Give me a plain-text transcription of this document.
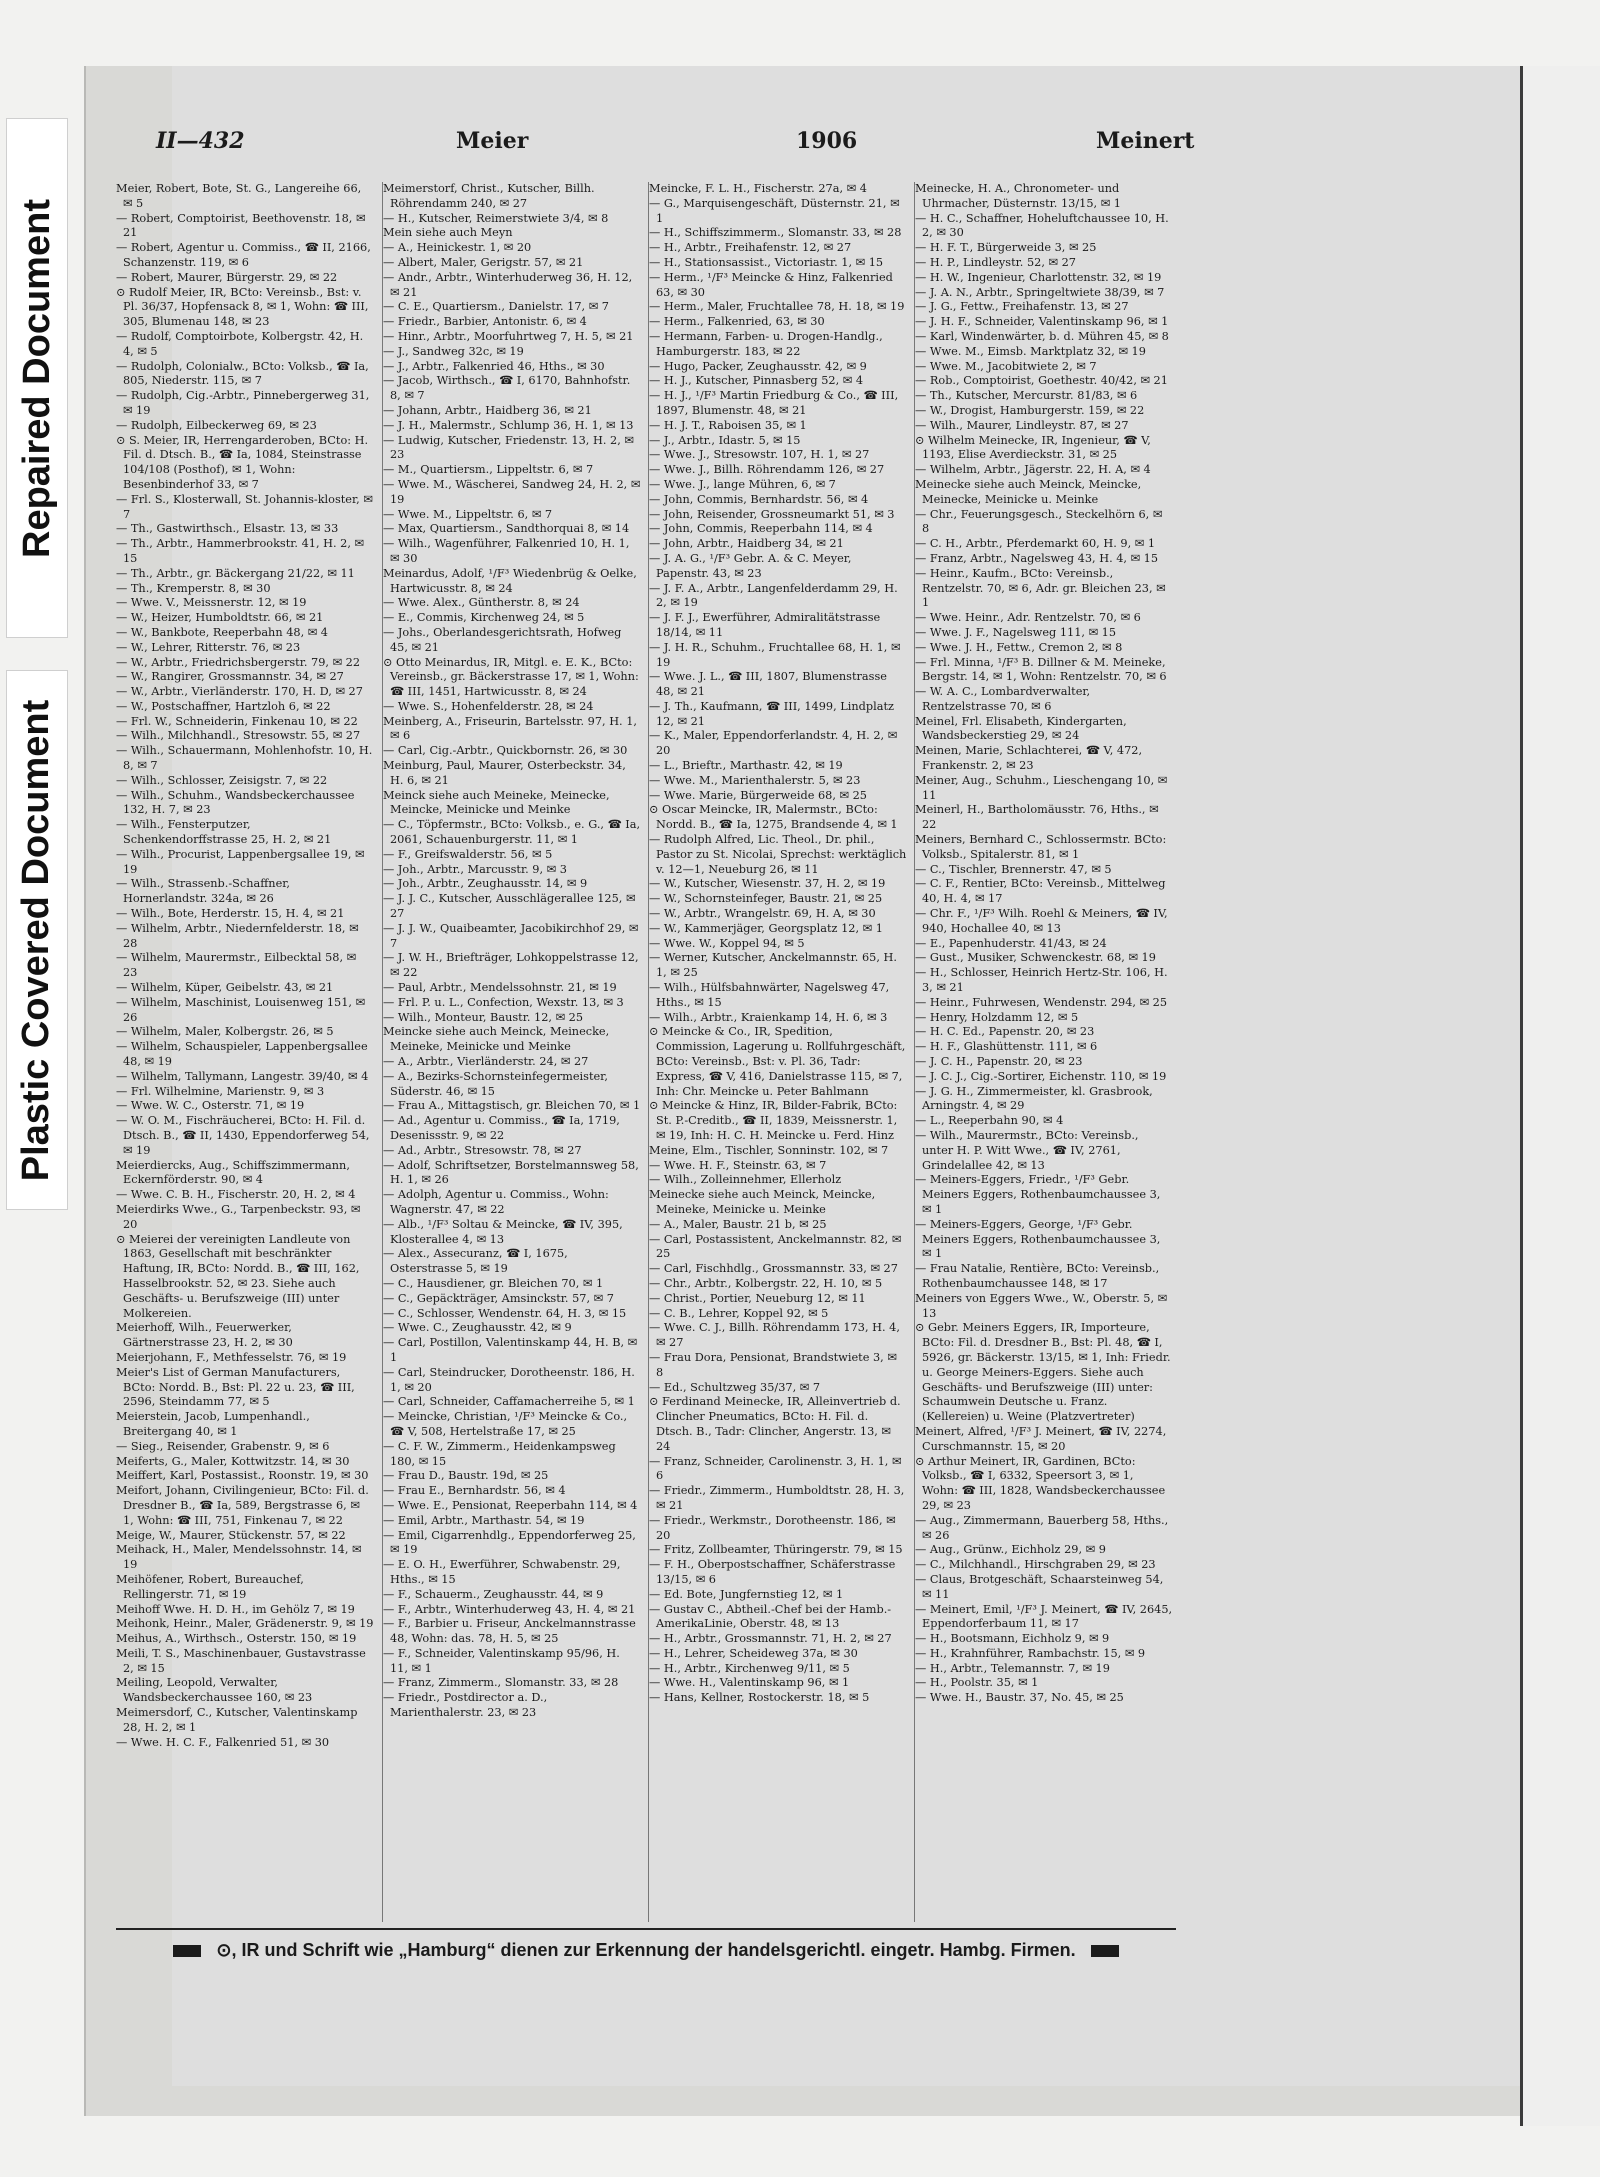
Repaired Document
Plastic Covered Document
II—432	Meier	1906	Meinert

Meier, Robert, Bote, St. G., Langereihe 66, ✉ 5

— Robert, Comptoirist, Beethovenstr. 18, ✉ 21

— Robert, Agentur u. Commiss., ☎ II, 2166, Schanzenstr. 119, ✉ 6

— Robert, Maurer, Bürgerstr. 29, ✉ 22

⊙ Rudolf Meier, IR, BCto: Vereinsb., Bst: v. Pl. 36/37, Hopfensack 8, ✉ 1, Wohn: ☎ III, 305, Blumenau 148, ✉ 23

— Rudolf, Comptoirbote, Kolbergstr. 42, H. 4, ✉ 5

— Rudolph, Colonialw., BCto: Volksb., ☎ Ia, 805, Niederstr. 115, ✉ 7

— Rudolph, Cig.-Arbtr., Pinnebergerweg 31, ✉ 19

— Rudolph, Eilbeckerweg 69, ✉ 23

⊙ S. Meier, IR, Herrengarderoben, BCto: H. Fil. d. Dtsch. B., ☎ Ia, 1084, Steinstrasse 104/108 (Posthof), ✉ 1, Wohn: Besenbinderhof 33, ✉ 7

— Frl. S., Klosterwall, St. Johannis-kloster, ✉ 7

— Th., Gastwirthsch., Elsastr. 13, ✉ 33

— Th., Arbtr., Hammerbrookstr. 41, H. 2, ✉ 15

— Th., Arbtr., gr. Bäckergang 21/22, ✉ 11

— Th., Kremperstr. 8, ✉ 30

— Wwe. V., Meissnerstr. 12, ✉ 19

— W., Heizer, Humboldtstr. 66, ✉ 21

— W., Bankbote, Reeperbahn 48, ✉ 4

— W., Lehrer, Ritterstr. 76, ✉ 23

— W., Arbtr., Friedrichsbergerstr. 79, ✉ 22

— W., Rangirer, Grossmannstr. 34, ✉ 27

— W., Arbtr., Vierländerstr. 170, H. D, ✉ 27

— W., Postschaffner, Hartzloh 6, ✉ 22

— Frl. W., Schneiderin, Finkenau 10, ✉ 22

— Wilh., Milchhandl., Stresowstr. 55, ✉ 27

— Wilh., Schauermann, Mohlenhofstr. 10, H. 8, ✉ 7

— Wilh., Schlosser, Zeisigstr. 7, ✉ 22

— Wilh., Schuhm., Wandsbeckerchaussee 132, H. 7, ✉ 23

— Wilh., Fensterputzer, Schenkendorffstrasse 25, H. 2, ✉ 21

— Wilh., Procurist, Lappenbergsallee 19, ✉ 19

— Wilh., Strassenb.-Schaffner, Hornerlandstr. 324a, ✉ 26

— Wilh., Bote, Herderstr. 15, H. 4, ✉ 21

— Wilhelm, Arbtr., Niedernfelderstr. 18, ✉ 28

— Wilhelm, Maurermstr., Eilbecktal 58, ✉ 23

— Wilhelm, Küper, Geibelstr. 43, ✉ 21

— Wilhelm, Maschinist, Louisenweg 151, ✉ 26

— Wilhelm, Maler, Kolbergstr. 26, ✉ 5

— Wilhelm, Schauspieler, Lappenbergsallee 48, ✉ 19

— Wilhelm, Tallymann, Langestr. 39/40, ✉ 4

— Frl. Wilhelmine, Marienstr. 9, ✉ 3

— Wwe. W. C., Osterstr. 71, ✉ 19

— W. O. M., Fischräucherei, BCto: H. Fil. d. Dtsch. B., ☎ II, 1430, Eppendorferweg 54, ✉ 19

Meierdiercks, Aug., Schiffszimmermann, Eckernförderstr. 90, ✉ 4

— Wwe. C. B. H., Fischerstr. 20, H. 2, ✉ 4

Meierdirks Wwe., G., Tarpenbeckstr. 93, ✉ 20

⊙ Meierei der vereinigten Landleute von 1863, Gesellschaft mit beschränkter Haftung, IR, BCto: Nordd. B., ☎ III, 162, Hasselbrookstr. 52, ✉ 23. Siehe auch Geschäfts- u. Berufszweige (III) unter Molkereien.

Meierhoff, Wilh., Feuerwerker, Gärtnerstrasse 23, H. 2, ✉ 30

Meierjohann, F., Methfesselstr. 76, ✉ 19

Meier's List of German Manufacturers, BCto: Nordd. B., Bst: Pl. 22 u. 23, ☎ III, 2596, Steindamm 77, ✉ 5

Meierstein, Jacob, Lumpenhandl., Breitergang 40, ✉ 1

— Sieg., Reisender, Grabenstr. 9, ✉ 6

Meiferts, G., Maler, Kottwitzstr. 14, ✉ 30

Meiffert, Karl, Postassist., Roonstr. 19, ✉ 30

Meifort, Johann, Civilingenieur, BCto: Fil. d. Dresdner B., ☎ Ia, 589, Bergstrasse 6, ✉ 1, Wohn: ☎ III, 751, Finkenau 7, ✉ 22

Meige, W., Maurer, Stückenstr. 57, ✉ 22

Meihack, H., Maler, Mendelssohnstr. 14, ✉ 19

Meihöfener, Robert, Bureauchef, Rellingerstr. 71, ✉ 19

Meihoff Wwe. H. D. H., im Gehölz 7, ✉ 19

Meihonk, Heinr., Maler, Grädenerstr. 9, ✉ 19

Meihus, A., Wirthsch., Osterstr. 150, ✉ 19

Meili, T. S., Maschinenbauer, Gustavstrasse 2, ✉ 15

Meiling, Leopold, Verwalter, Wandsbeckerchaussee 160, ✉ 23

Meimersdorf, C., Kutscher, Valentinskamp 28, H. 2, ✉ 1

— Wwe. H. C. F., Falkenried 51, ✉ 30

Meimerstorf, Christ., Kutscher, Billh. Röhrendamm 240, ✉ 27

— H., Kutscher, Reimerstwiete 3/4, ✉ 8

Mein siehe auch Meyn

— A., Heinickestr. 1, ✉ 20

— Albert, Maler, Gerigstr. 57, ✉ 21

— Andr., Arbtr., Winterhuderweg 36, H. 12, ✉ 21

— C. E., Quartiersm., Danielstr. 17, ✉ 7

— Friedr., Barbier, Antonistr. 6, ✉ 4

— Hinr., Arbtr., Moorfuhrtweg 7, H. 5, ✉ 21

— J., Sandweg 32c, ✉ 19

— J., Arbtr., Falkenried 46, Hths., ✉ 30

— Jacob, Wirthsch., ☎ I, 6170, Bahnhofstr. 8, ✉ 7

— Johann, Arbtr., Haidberg 36, ✉ 21

— J. H., Malermstr., Schlump 36, H. 1, ✉ 13

— Ludwig, Kutscher, Friedenstr. 13, H. 2, ✉ 23

— M., Quartiersm., Lippeltstr. 6, ✉ 7

— Wwe. M., Wäscherei, Sandweg 24, H. 2, ✉ 19

— Wwe. M., Lippeltstr. 6, ✉ 7

— Max, Quartiersm., Sandthorquai 8, ✉ 14

— Wilh., Wagenführer, Falkenried 10, H. 1, ✉ 30

Meinardus, Adolf, ¹/F³ Wiedenbrüg & Oelke, Hartwicusstr. 8, ✉ 24

— Wwe. Alex., Güntherstr. 8, ✉ 24

— E., Commis, Kirchenweg 24, ✉ 5

— Johs., Oberlandesgerichtsrath, Hofweg 45, ✉ 21

⊙ Otto Meinardus, IR, Mitgl. e. E. K., BCto: Vereinsb., gr. Bäckerstrasse 17, ✉ 1, Wohn: ☎ III, 1451, Hartwicusstr. 8, ✉ 24

— Wwe. S., Hohenfelderstr. 28, ✉ 24

Meinberg, A., Friseurin, Bartelsstr. 97, H. 1, ✉ 6

— Carl, Cig.-Arbtr., Quickbornstr. 26, ✉ 30

Meinburg, Paul, Maurer, Osterbeckstr. 34, H. 6, ✉ 21

Meinck siehe auch Meineke, Meinecke, Meincke, Meinicke und Meinke

— C., Töpfermstr., BCto: Volksb., e. G., ☎ Ia, 2061, Schauenburgerstr. 11, ✉ 1

— F., Greifswalderstr. 56, ✉ 5

— Joh., Arbtr., Marcusstr. 9, ✉ 3

— Joh., Arbtr., Zeughausstr. 14, ✉ 9

— J. J. C., Kutscher, Ausschlägerallee 125, ✉ 27

— J. J. W., Quaibeamter, Jacobikirchhof 29, ✉ 7

— J. W. H., Briefträger, Lohkoppelstrasse 12, ✉ 22

— Paul, Arbtr., Mendelssohnstr. 21, ✉ 19

— Frl. P. u. L., Confection, Wexstr. 13, ✉ 3

— Wilh., Monteur, Baustr. 12, ✉ 25

Meincke siehe auch Meinck, Meinecke, Meineke, Meinicke und Meinke

— A., Arbtr., Vierländerstr. 24, ✉ 27

— A., Bezirks-Schornsteinfegermeister, Süderstr. 46, ✉ 15

— Frau A., Mittagstisch, gr. Bleichen 70, ✉ 1

— Ad., Agentur u. Commiss., ☎ Ia, 1719, Desenissstr. 9, ✉ 22

— Ad., Arbtr., Stresowstr. 78, ✉ 27

— Adolf, Schriftsetzer, Borstelmannsweg 58, H. 1, ✉ 26

— Adolph, Agentur u. Commiss., Wohn: Wagnerstr. 47, ✉ 22

— Alb., ¹/F³ Soltau & Meincke, ☎ IV, 395, Klosterallee 4, ✉ 13

— Alex., Assecuranz, ☎ I, 1675, Osterstrasse 5, ✉ 19

— C., Hausdiener, gr. Bleichen 70, ✉ 1

— C., Gepäckträger, Amsinckstr. 57, ✉ 7

— C., Schlosser, Wendenstr. 64, H. 3, ✉ 15

— Wwe. C., Zeughausstr. 42, ✉ 9

— Carl, Postillon, Valentinskamp 44, H. B, ✉ 1

— Carl, Steindrucker, Dorotheenstr. 186, H. 1, ✉ 20

— Carl, Schneider, Caffamacherreihe 5, ✉ 1

— Meincke, Christian, ¹/F³ Meincke & Co., ☎ V, 508, Hertelstraße 17, ✉ 25

— C. F. W., Zimmerm., Heidenkampsweg 180, ✉ 15

— Frau D., Baustr. 19d, ✉ 25

— Frau E., Bernhardstr. 56, ✉ 4

— Wwe. E., Pensionat, Reeperbahn 114, ✉ 4

— Emil, Arbtr., Marthastr. 54, ✉ 19

— Emil, Cigarrenhdlg., Eppendorferweg 25, ✉ 19

— E. O. H., Ewerführer, Schwabenstr. 29, Hths., ✉ 15

— F., Schauerm., Zeughausstr. 44, ✉ 9

— F., Arbtr., Winterhuderweg 43, H. 4, ✉ 21

— F., Barbier u. Friseur, Anckelmannstrasse 48, Wohn: das. 78, H. 5, ✉ 25

— F., Schneider, Valentinskamp 95/96, H. 11, ✉ 1

— Franz, Zimmerm., Slomanstr. 33, ✉ 28

— Friedr., Postdirector a. D., Marienthalerstr. 23, ✉ 23

Meincke, F. L. H., Fischerstr. 27a, ✉ 4

— G., Marquisengeschäft, Düsternstr. 21, ✉ 1

— H., Schiffszimmerm., Slomanstr. 33, ✉ 28

— H., Arbtr., Freihafenstr. 12, ✉ 27

— H., Stationsassist., Victoriastr. 1, ✉ 15

— Herm., ¹/F³ Meincke & Hinz, Falkenried 63, ✉ 30

— Herm., Maler, Fruchtallee 78, H. 18, ✉ 19

— Herm., Falkenried, 63, ✉ 30

— Hermann, Farben- u. Drogen-Handlg., Hamburgerstr. 183, ✉ 22

— Hugo, Packer, Zeughausstr. 42, ✉ 9

— H. J., Kutscher, Pinnasberg 52, ✉ 4

— H. J., ¹/F³ Martin Friedburg & Co., ☎ III, 1897, Blumenstr. 48, ✉ 21

— H. J. T., Raboisen 35, ✉ 1

— J., Arbtr., Idastr. 5, ✉ 15

— Wwe. J., Stresowstr. 107, H. 1, ✉ 27

— Wwe. J., Billh. Röhrendamm 126, ✉ 27

— Wwe. J., lange Mühren, 6, ✉ 7

— John, Commis, Bernhardstr. 56, ✉ 4

— John, Reisender, Grossneumarkt 51, ✉ 3

— John, Commis, Reeperbahn 114, ✉ 4

— John, Arbtr., Haidberg 34, ✉ 21

— J. A. G., ¹/F³ Gebr. A. & C. Meyer, Papenstr. 43, ✉ 23

— J. F. A., Arbtr., Langenfelderdamm 29, H. 2, ✉ 19

— J. F. J., Ewerführer, Admiralitätstrasse 18/14, ✉ 11

— J. H. R., Schuhm., Fruchtallee 68, H. 1, ✉ 19

— Wwe. J. L., ☎ III, 1807, Blumenstrasse 48, ✉ 21

— J. Th., Kaufmann, ☎ III, 1499, Lindplatz 12, ✉ 21

— K., Maler, Eppendorferlandstr. 4, H. 2, ✉ 20

— L., Brieftr., Marthastr. 42, ✉ 19

— Wwe. M., Marienthalerstr. 5, ✉ 23

— Wwe. Marie, Bürgerweide 68, ✉ 25

⊙ Oscar Meincke, IR, Malermstr., BCto: Nordd. B., ☎ Ia, 1275, Brandsende 4, ✉ 1

— Rudolph Alfred, Lic. Theol., Dr. phil., Pastor zu St. Nicolai, Sprechst: werktäglich v. 12—1, Neueburg 26, ✉ 11

— W., Kutscher, Wiesenstr. 37, H. 2, ✉ 19

— W., Schornsteinfeger, Baustr. 21, ✉ 25

— W., Arbtr., Wrangelstr. 69, H. A, ✉ 30

— W., Kammerjäger, Georgsplatz 12, ✉ 1

— Wwe. W., Koppel 94, ✉ 5

— Werner, Kutscher, Anckelmannstr. 65, H. 1, ✉ 25

— Wilh., Hülfsbahnwärter, Nagelsweg 47, Hths., ✉ 15

— Wilh., Arbtr., Kraienkamp 14, H. 6, ✉ 3

⊙ Meincke & Co., IR, Spedition, Commission, Lagerung u. Rollfuhrgeschäft, BCto: Vereinsb., Bst: v. Pl. 36, Tadr: Express, ☎ V, 416, Danielstrasse 115, ✉ 7, Inh: Chr. Meincke u. Peter Bahlmann

⊙ Meincke & Hinz, IR, Bilder-Fabrik, BCto: St. P.-Creditb., ☎ II, 1839, Meissnerstr. 1, ✉ 19, Inh: H. C. H. Meincke u. Ferd. Hinz

Meine, Elm., Tischler, Sonninstr. 102, ✉ 7

— Wwe. H. F., Steinstr. 63, ✉ 7

— Wilh., Zolleinnehmer, Ellerholz

Meinecke siehe auch Meinck, Meincke, Meineke, Meinicke u. Meinke

— A., Maler, Baustr. 21 b, ✉ 25

— Carl, Postassistent, Anckelmannstr. 82, ✉ 25

— Carl, Fischhdlg., Grossmannstr. 33, ✉ 27

— Chr., Arbtr., Kolbergstr. 22, H. 10, ✉ 5

— Christ., Portier, Neueburg 12, ✉ 11

— C. B., Lehrer, Koppel 92, ✉ 5

— Wwe. C. J., Billh. Röhrendamm 173, H. 4, ✉ 27

— Frau Dora, Pensionat, Brandstwiete 3, ✉ 8

— Ed., Schultzweg 35/37, ✉ 7

⊙ Ferdinand Meinecke, IR, Alleinvertrieb d. Clincher Pneumatics, BCto: H. Fil. d. Dtsch. B., Tadr: Clincher, Angerstr. 13, ✉ 24

— Franz, Schneider, Carolinenstr. 3, H. 1, ✉ 6

— Friedr., Zimmerm., Humboldtstr. 28, H. 3, ✉ 21

— Friedr., Werkmstr., Dorotheenstr. 186, ✉ 20

— Fritz, Zollbeamter, Thüringerstr. 79, ✉ 15

— F. H., Oberpostschaffner, Schäferstrasse 13/15, ✉ 6

— Ed. Bote, Jungfernstieg 12, ✉ 1

— Gustav C., Abtheil.-Chef bei der Hamb.-AmerikaLinie, Oberstr. 48, ✉ 13

— H., Arbtr., Grossmannstr. 71, H. 2, ✉ 27

— H., Lehrer, Scheideweg 37a, ✉ 30

— H., Arbtr., Kirchenweg 9/11, ✉ 5

— Wwe. H., Valentinskamp 96, ✉ 1

— Hans, Kellner, Rostockerstr. 18, ✉ 5

Meinecke, H. A., Chronometer- und Uhrmacher, Düsternstr. 13/15, ✉ 1

— H. C., Schaffner, Hoheluftchaussee 10, H. 2, ✉ 30

— H. F. T., Bürgerweide 3, ✉ 25

— H. P., Lindleystr. 52, ✉ 27

— H. W., Ingenieur, Charlottenstr. 32, ✉ 19

— J. A. N., Arbtr., Springeltwiete 38/39, ✉ 7

— J. G., Fettw., Freihafenstr. 13, ✉ 27

— J. H. F., Schneider, Valentinskamp 96, ✉ 1

— Karl, Windenwärter, b. d. Mühren 45, ✉ 8

— Wwe. M., Eimsb. Marktplatz 32, ✉ 19

— Wwe. M., Jacobitwiete 2, ✉ 7

— Rob., Comptoirist, Goethestr. 40/42, ✉ 21

— Th., Kutscher, Mercurstr. 81/83, ✉ 6

— W., Drogist, Hamburgerstr. 159, ✉ 22

— Wilh., Maurer, Lindleystr. 87, ✉ 27

⊙ Wilhelm Meinecke, IR, Ingenieur, ☎ V, 1193, Elise Averdieckstr. 31, ✉ 25

— Wilhelm, Arbtr., Jägerstr. 22, H. A, ✉ 4

Meinecke siehe auch Meinck, Meincke, Meinecke, Meinicke u. Meinke

— Chr., Feuerungsgesch., Steckelhörn 6, ✉ 8

— C. H., Arbtr., Pferdemarkt 60, H. 9, ✉ 1

— Franz, Arbtr., Nagelsweg 43, H. 4, ✉ 15

— Heinr., Kaufm., BCto: Vereinsb., Rentzelstr. 70, ✉ 6, Adr. gr. Bleichen 23, ✉ 1

— Wwe. Heinr., Adr. Rentzelstr. 70, ✉ 6

— Wwe. J. F., Nagelsweg 111, ✉ 15

— Wwe. J. H., Fettw., Cremon 2, ✉ 8

— Frl. Minna, ¹/F³ B. Dillner & M. Meineke, Bergstr. 14, ✉ 1, Wohn: Rentzelstr. 70, ✉ 6

— W. A. C., Lombardverwalter, Rentzelstrasse 70, ✉ 6

Meinel, Frl. Elisabeth, Kindergarten, Wandsbeckerstieg 29, ✉ 24

Meinen, Marie, Schlachterei, ☎ V, 472, Frankenstr. 2, ✉ 23

Meiner, Aug., Schuhm., Lieschengang 10, ✉ 11

Meinerl, H., Bartholomäusstr. 76, Hths., ✉ 22

Meiners, Bernhard C., Schlossermstr. BCto: Volksb., Spitalerstr. 81, ✉ 1

— C., Tischler, Brennerstr. 47, ✉ 5

— C. F., Rentier, BCto: Vereinsb., Mittelweg 40, H. 4, ✉ 17

— Chr. F., ¹/F³ Wilh. Roehl & Meiners, ☎ IV, 940, Hochallee 40, ✉ 13

— E., Papenhuderstr. 41/43, ✉ 24

— Gust., Musiker, Schwenckestr. 68, ✉ 19

— H., Schlosser, Heinrich Hertz-Str. 106, H. 3, ✉ 21

— Heinr., Fuhrwesen, Wendenstr. 294, ✉ 25

— Henry, Holzdamm 12, ✉ 5

— H. C. Ed., Papenstr. 20, ✉ 23

— H. F., Glashüttenstr. 111, ✉ 6

— J. C. H., Papenstr. 20, ✉ 23

— J. C. J., Cig.-Sortirer, Eichenstr. 110, ✉ 19

— J. G. H., Zimmermeister, kl. Grasbrook, Arningstr. 4, ✉ 29

— L., Reeperbahn 90, ✉ 4

— Wilh., Maurermstr., BCto: Vereinsb., unter H. P. Witt Wwe., ☎ IV, 2761, Grindelallee 42, ✉ 13

— Meiners-Eggers, Friedr., ¹/F³ Gebr. Meiners Eggers, Rothenbaumchaussee 3, ✉ 1

— Meiners-Eggers, George, ¹/F³ Gebr. Meiners Eggers, Rothenbaumchaussee 3, ✉ 1

— Frau Natalie, Rentière, BCto: Vereinsb., Rothenbaumchaussee 148, ✉ 17

Meiners von Eggers Wwe., W., Oberstr. 5, ✉ 13

⊙ Gebr. Meiners Eggers, IR, Importeure, BCto: Fil. d. Dresdner B., Bst: Pl. 48, ☎ I, 5926, gr. Bäckerstr. 13/15, ✉ 1, Inh: Friedr. u. George Meiners-Eggers. Siehe auch Geschäfts- und Berufszweige (III) unter: Schaumwein Deutsche u. Franz. (Kellereien) u. Weine (Platzvertreter)

Meinert, Alfred, ¹/F³ J. Meinert, ☎ IV, 2274, Curschmannstr. 15, ✉ 20

⊙ Arthur Meinert, IR, Gardinen, BCto: Volksb., ☎ I, 6332, Speersort 3, ✉ 1, Wohn: ☎ III, 1828, Wandsbeckerchaussee 29, ✉ 23

— Aug., Zimmermann, Bauerberg 58, Hths., ✉ 26

— Aug., Grünw., Eichholz 29, ✉ 9

— C., Milchhandl., Hirschgraben 29, ✉ 23

— Claus, Brotgeschäft, Schaarsteinweg 54, ✉ 11

— Meinert, Emil, ¹/F³ J. Meinert, ☎ IV, 2645, Eppendorferbaum 11, ✉ 17

— H., Bootsmann, Eichholz 9, ✉ 9

— H., Krahnführer, Rambachstr. 15, ✉ 9

— H., Arbtr., Telemannstr. 7, ✉ 19

— H., Poolstr. 35, ✉ 1

— Wwe. H., Baustr. 37, No. 45, ✉ 25

⊙, IR und Schrift wie „Hamburg“ dienen zur Erkennung der handelsgerichtl. eingetr. Hambg. Firmen.
